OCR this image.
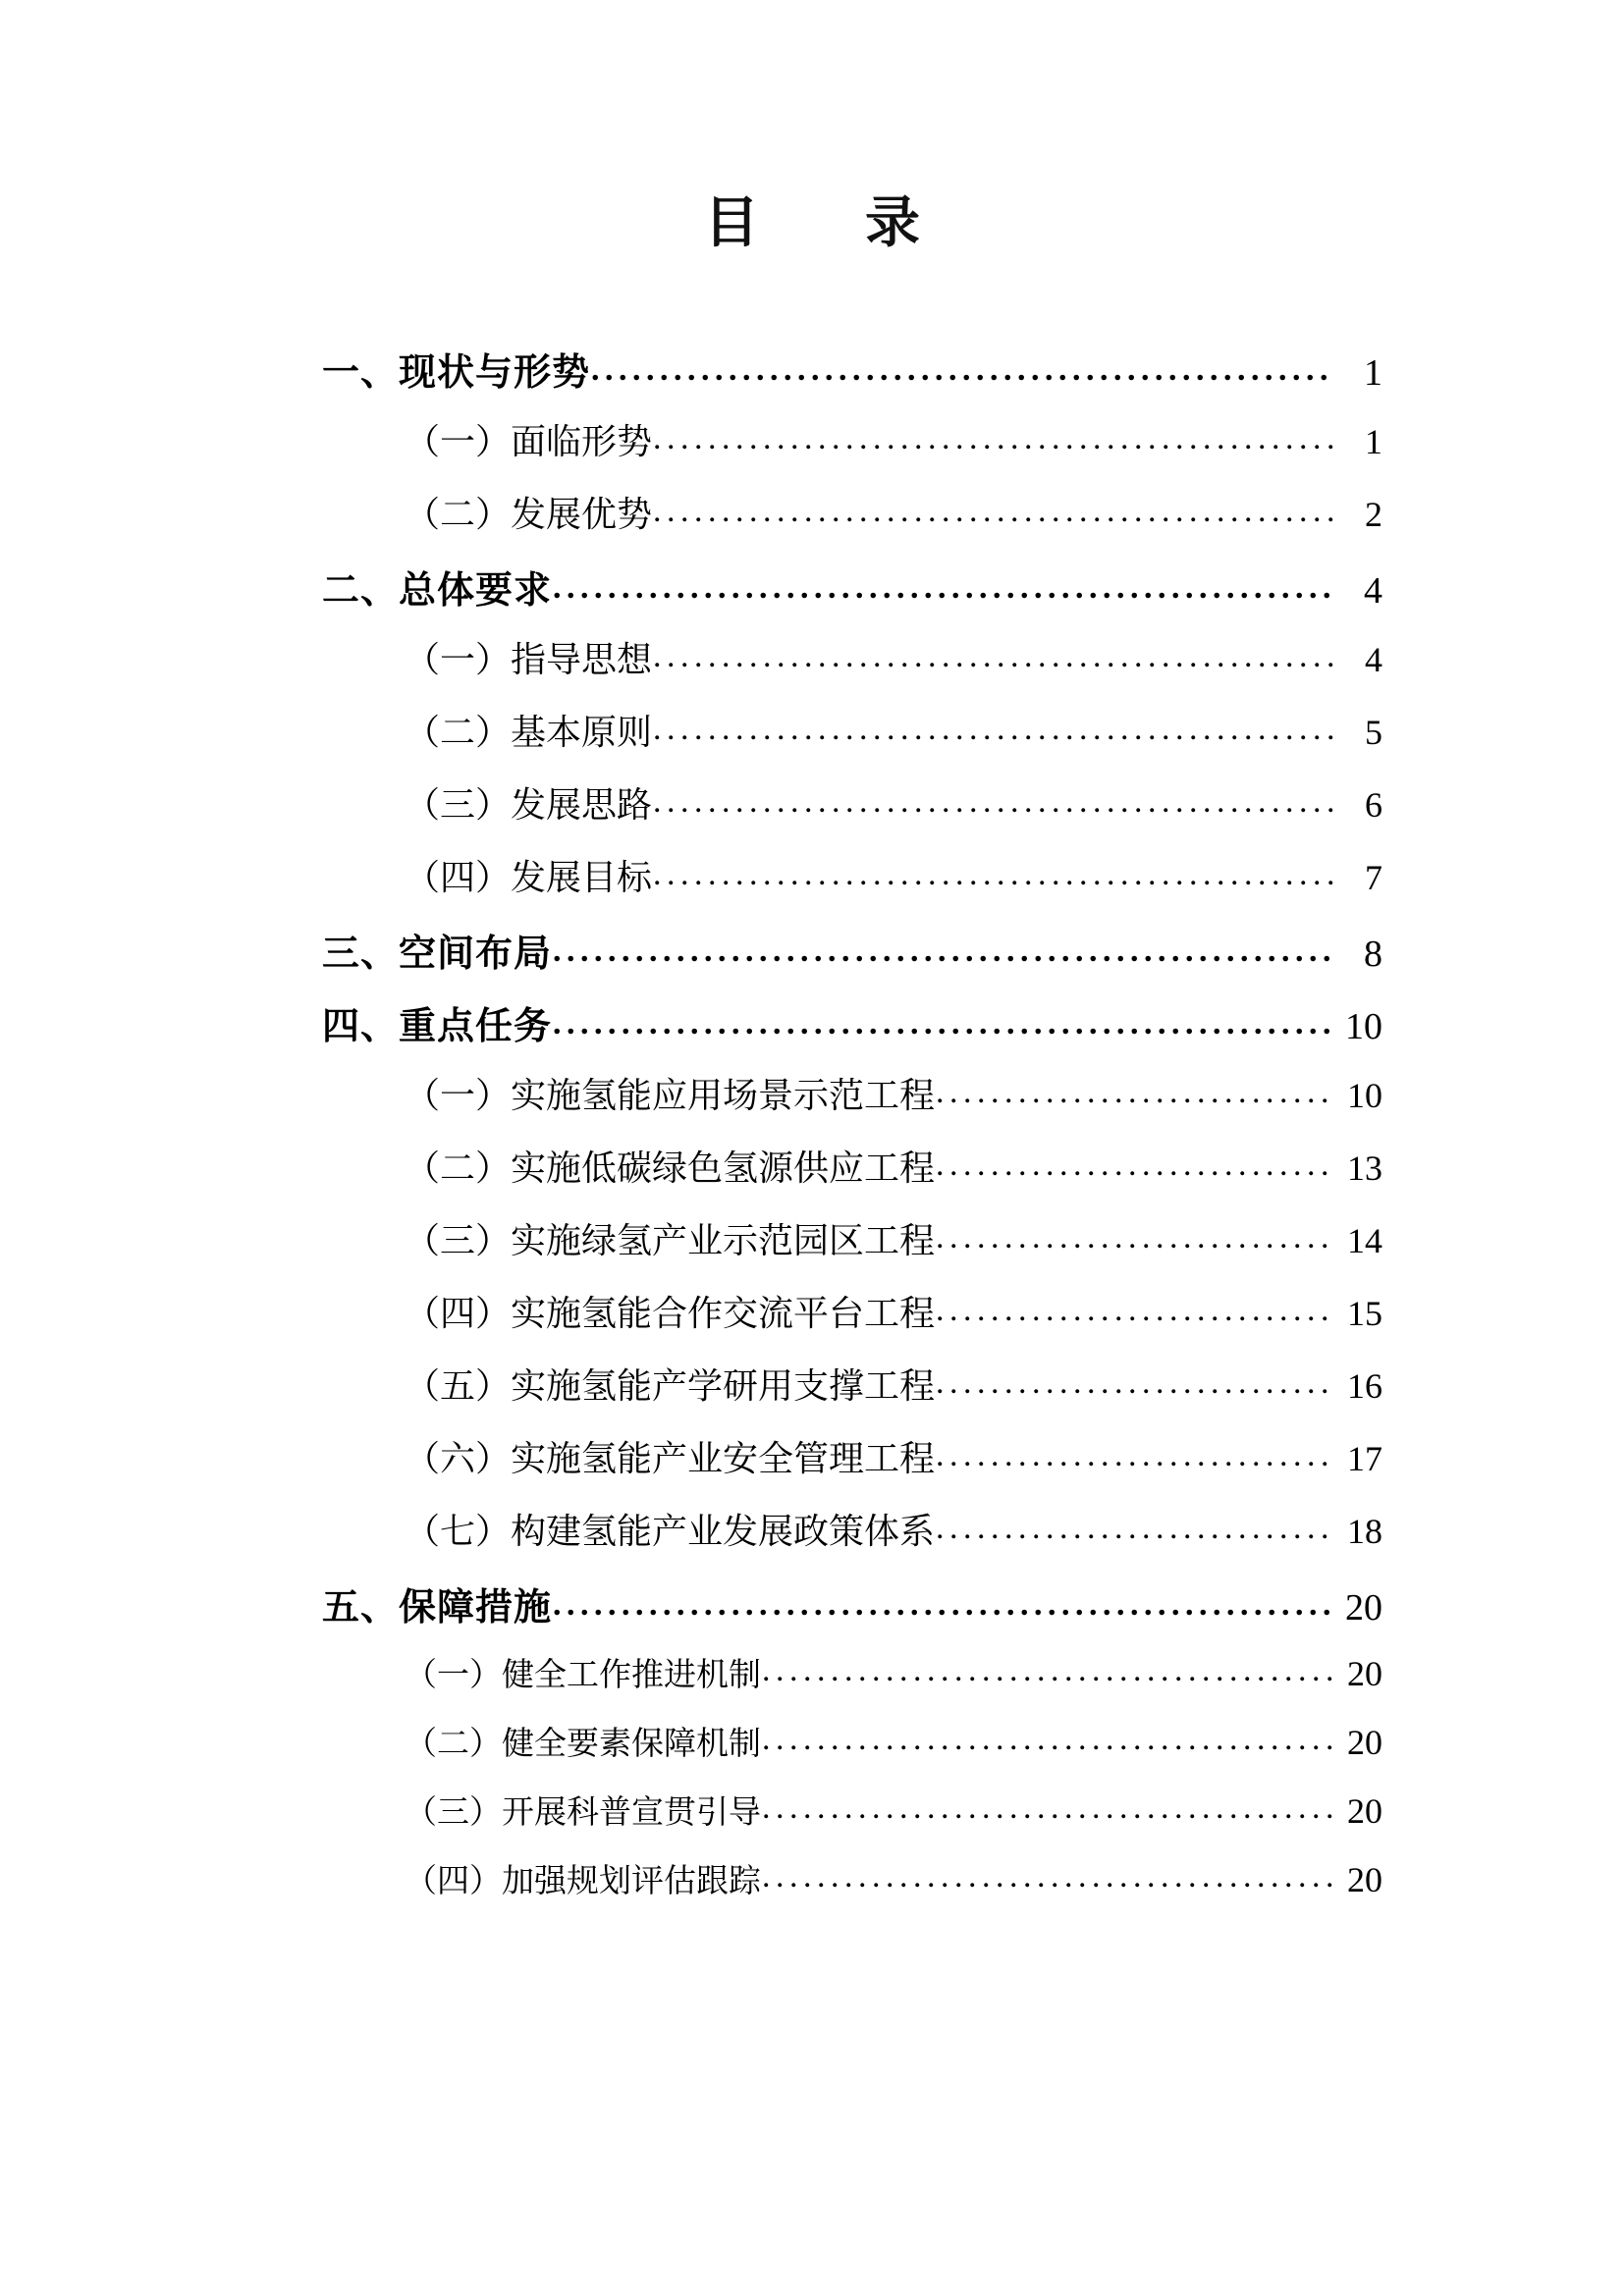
目　录
一、现状与形势 .....	1
（一）面临形势 .....	1
（二）发展优势 .....	2
二、总体要求 .....	4
（一）指导思想 .....	4
（二）基本原则 .....	5
（三）发展思路 .....	6
（四）发展目标 .....	7
三、空间布局 .....	8
四、重点任务 .....	10
（一）实施氢能应用场景示范工程 .....	10
（二）实施低碳绿色氢源供应工程 .....	13
（三）实施绿氢产业示范园区工程 .....	14
（四）实施氢能合作交流平台工程 .....	15
（五）实施氢能产学研用支撑工程 .....	16
（六）实施氢能产业安全管理工程 .....	17
（七）构建氢能产业发展政策体系 .....	18
五、保障措施 .....	20
（一）健全工作推进机制 .....	20
（二）健全要素保障机制 .....	20
（三）开展科普宣贯引导 .....	20
（四）加强规划评估跟踪 .....	20
